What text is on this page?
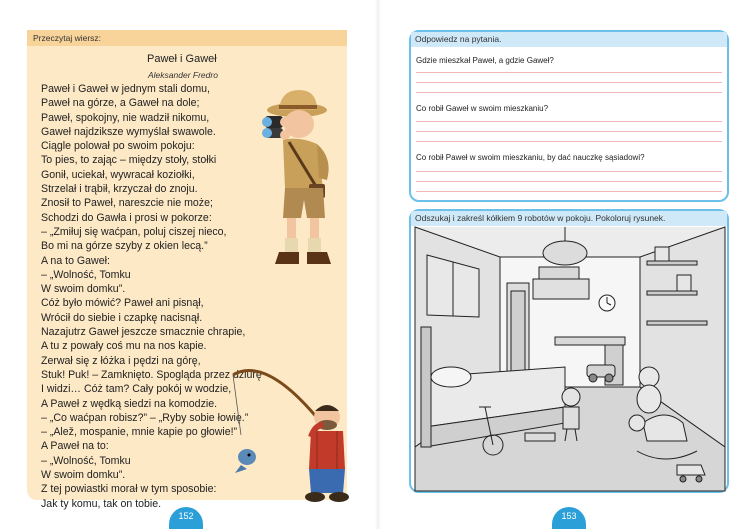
Przeczytaj wiersz:
Paweł i Gaweł
Aleksander Fredro
Paweł i Gaweł w jednym stali domu,
Paweł na górze, a Gaweł na dole;
Paweł, spokojny, nie wadził nikomu,
Gaweł najdziksze wymyślał swawole.
Ciągle polował po swoim pokoju:
To pies, to zając – między stoły, stołki
Gonił, uciekał, wywracał koziołki,
Strzelał i trąbił, krzyczał do znoju.
Znosił to Paweł, nareszcie nie może;
Schodzi do Gawła i prosi w pokorze:
– „Zmiłuj się waćpan, poluj ciszej nieco,
Bo mi na górze szyby z okien lecą.”
A na to Gaweł:
– „Wolność, Tomku
W swoim domku”.
Cóż było mówić? Paweł ani pisnął,
Wrócił do siebie i czapkę nacisnął.
Nazajutrz Gaweł jeszcze smacznie chrapie,
A tu z powały coś mu na nos kapie.
Zerwał się z łóżka i pędzi na górę,
Stuk! Puk! – Zamknięto. Spogląda przez dziurę
I widzi… Cóż tam? Cały pokój w wodzie,
A Paweł z wędką siedzi na komodzie.
– „Co waćpan robisz?” – „Ryby sobie łowię.”
– „Alež, mospanie, mnie kapie po głowie!”
A Paweł na to:
– „Wolność, Tomku
W swoim domku”.
Z tej powiastki morał w tym sposobie:
Jak ty komu, tak on tobie.
152
Odpowiedz na pytania.
Gdzie mieszkał Paweł, a gdzie Gaweł?
Co robił Gaweł w swoim mieszkaniu?
Co robił Paweł w swoim mieszkaniu, by dać nauczkę sąsiadowi?
Odszukaj i zakreśl kółkiem 9 robotów w pokoju. Pokoloruj rysunek.
153
